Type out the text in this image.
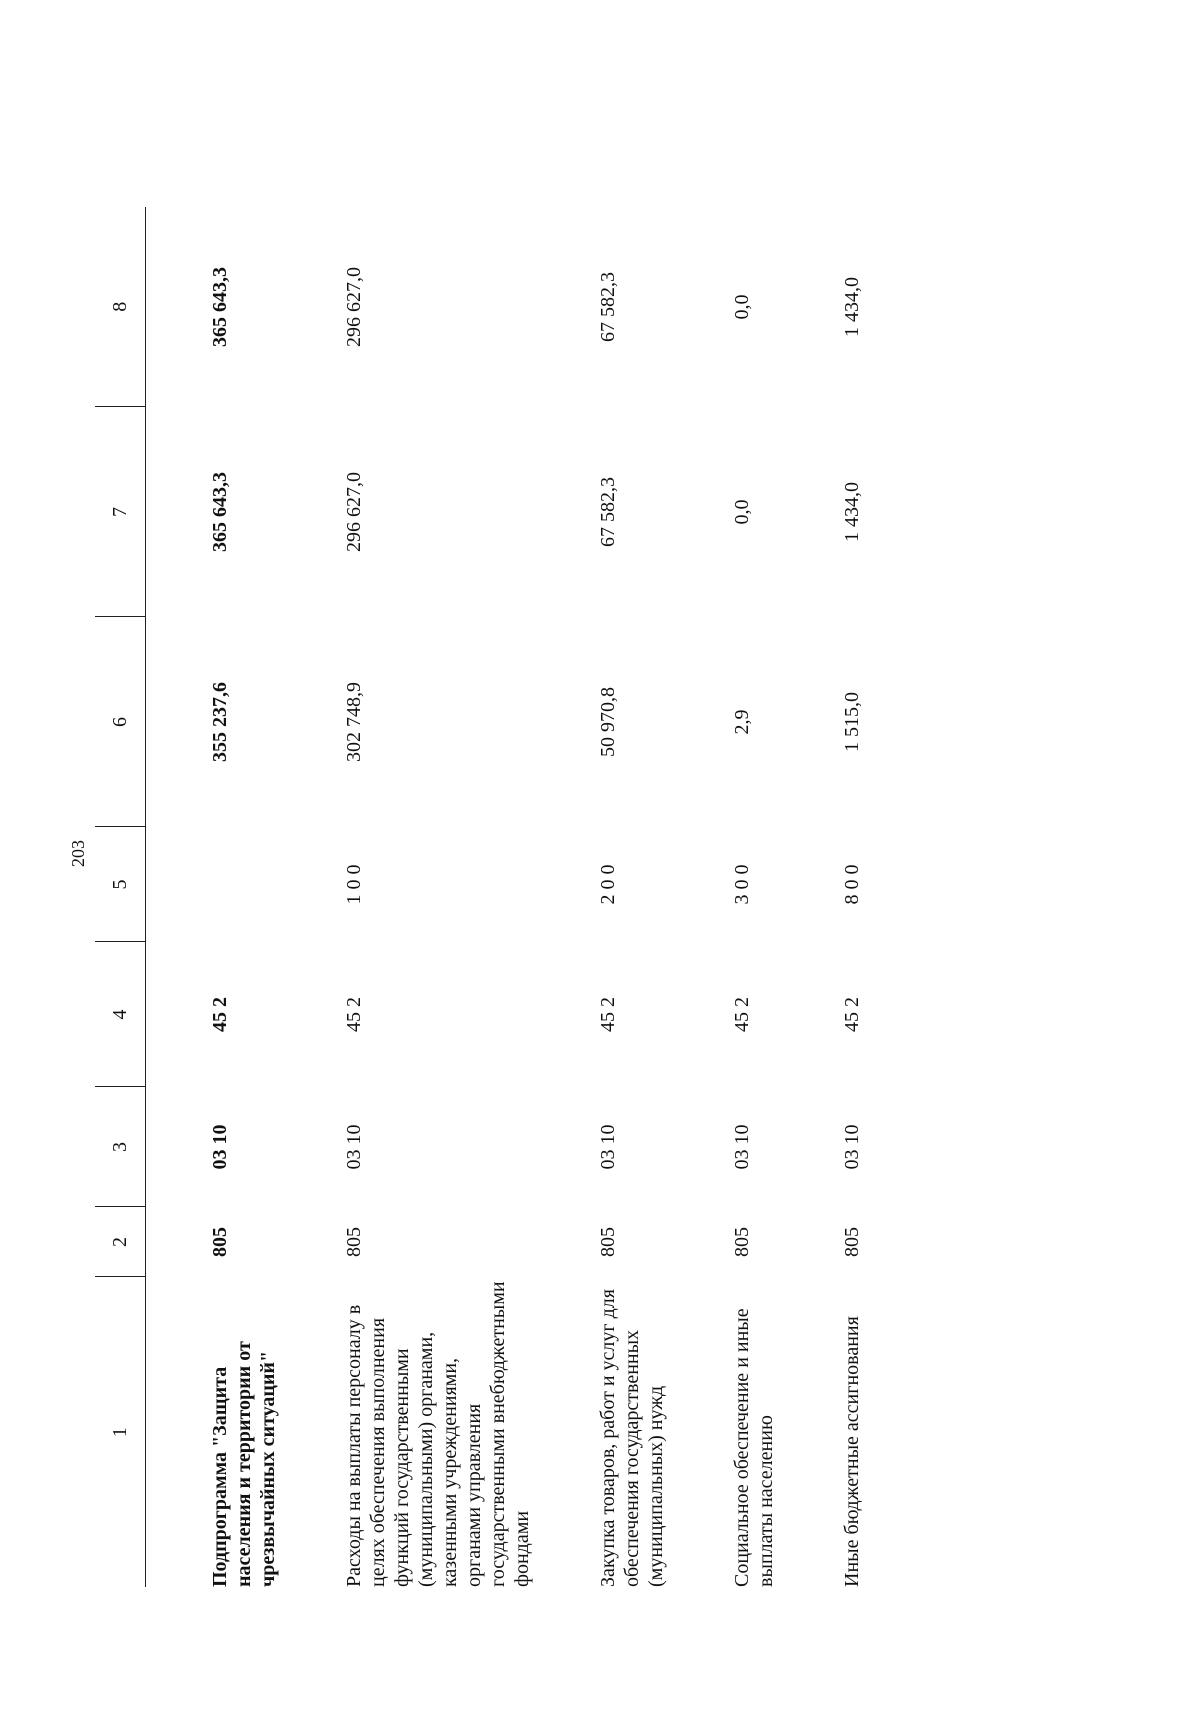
203
1	2	3	4	5	6	7	8

Подпрограмма "Защита населения и территории от чрезвычайных ситуаций"	805	03 10	45 2		355 237,6	365 643,3	365 643,3

Расходы на выплаты персоналу в целях обеспечения выполнения функций государственными (муниципальными) органами, казенными учреждениями, органами управления государственными внебюджетными фондами	805	03 10	45 2	1 0 0	302 748,9	296 627,0	296 627,0

Закупка товаров, работ и услуг для обеспечения государственных (муниципальных) нужд	805	03 10	45 2	2 0 0	50 970,8	67 582,3	67 582,3

Социальное обеспечение и иные выплаты населению	805	03 10	45 2	3 0 0	2,9	0,0	0,0

Иные бюджетные ассигнования	805	03 10	45 2	8 0 0	1 515,0	1 434,0	1 434,0
